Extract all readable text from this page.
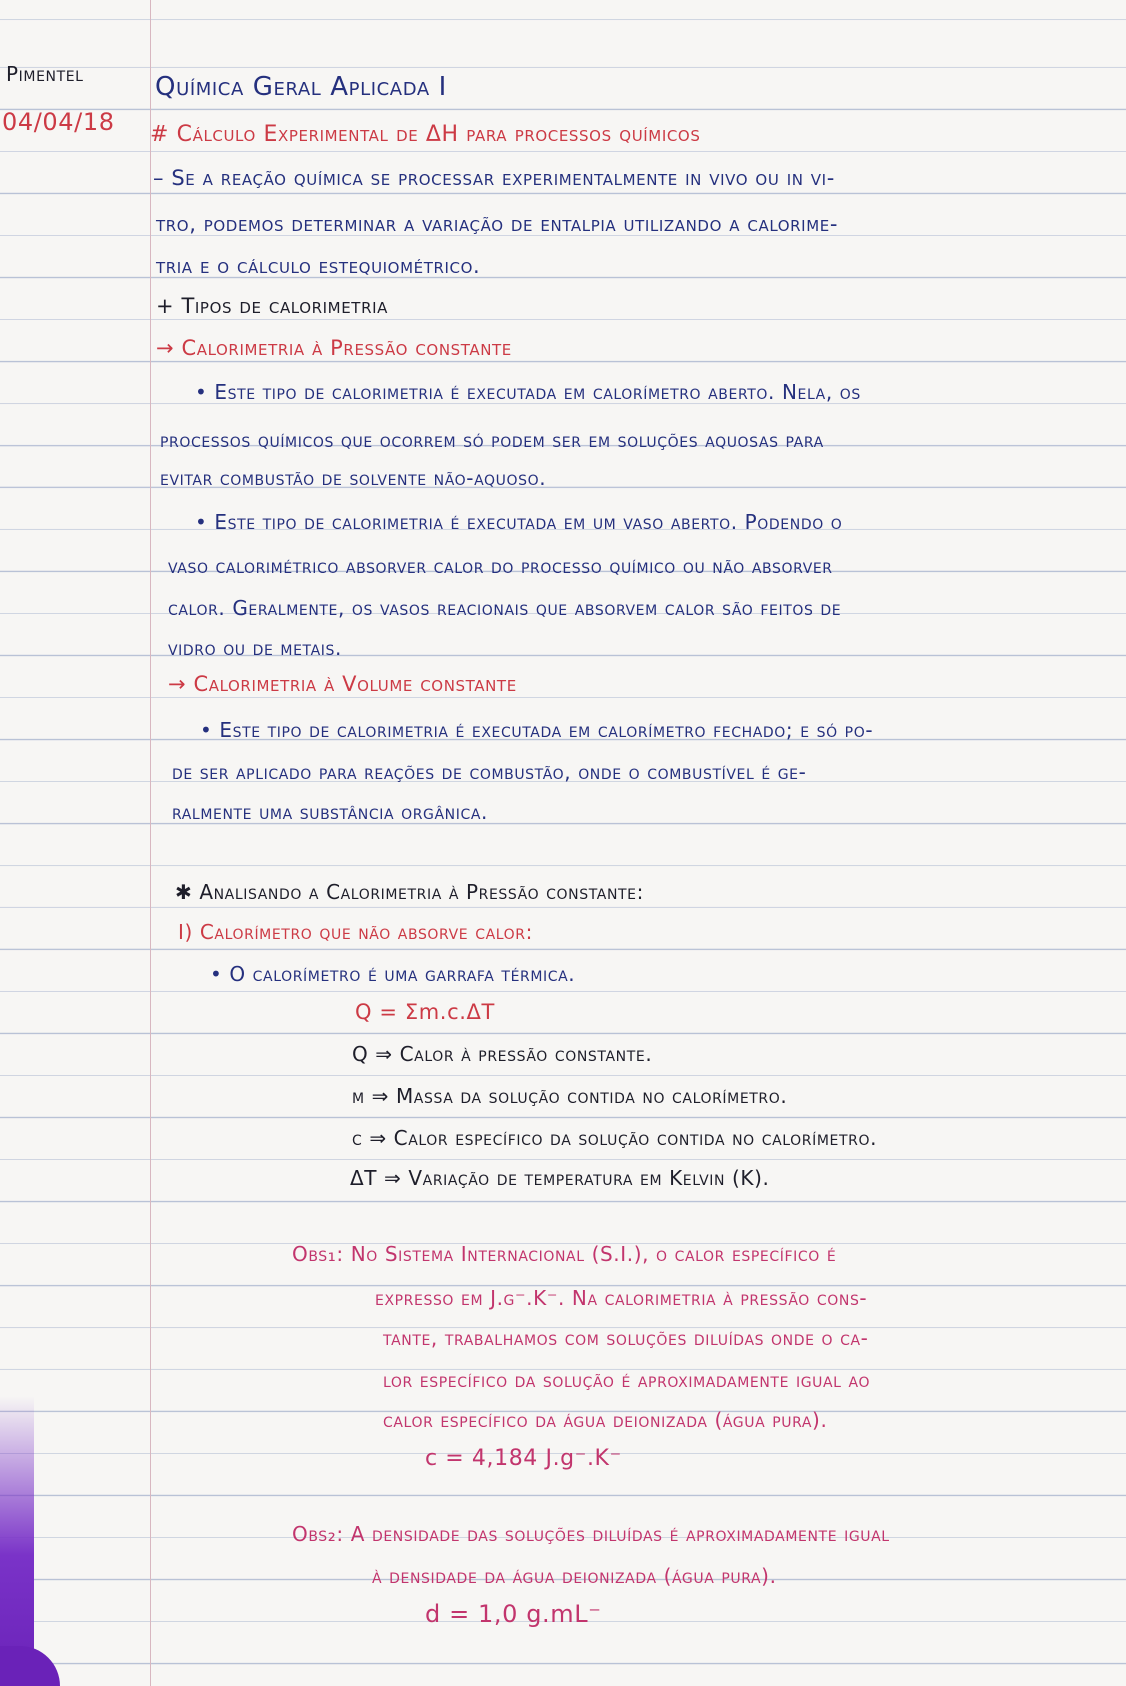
Pimentel
04/04/18
Química Geral Aplicada I
# Cálculo Experimental de ΔH para processos químicos
– Se a reação química se processar experimentalmente in vivo ou in vi-
tro, podemos determinar a variação de entalpia utilizando a calorime-
tria e o cálculo estequiométrico.
+ Tipos de calorimetria
→ Calorimetria à Pressão constante
• Este tipo de calorimetria é executada em calorímetro aberto. Nela, os
processos químicos que ocorrem só podem ser em soluções aquosas para
evitar combustão de solvente não-aquoso.
• Este tipo de calorimetria é executada em um vaso aberto. Podendo o
vaso calorimétrico absorver calor do processo químico ou não absorver
calor. Geralmente, os vasos reacionais que absorvem calor são feitos de
vidro ou de metais.
→ Calorimetria à Volume constante
• Este tipo de calorimetria é executada em calorímetro fechado; e só po-
de ser aplicado para reações de combustão, onde o combustível é ge-
ralmente uma substância orgânica.
✱ Analisando a Calorimetria à Pressão constante:
I) Calorímetro que não absorve calor:
• O calorímetro é uma garrafa térmica.
Q = Σm.c.ΔT
Q ⇒ Calor à pressão constante.
m ⇒ Massa da solução contida no calorímetro.
c ⇒ Calor específico da solução contida no calorímetro.
ΔT ⇒ Variação de temperatura em Kelvin (K).
Obs₁: No Sistema Internacional (S.I.), o calor específico é
expresso em J.g⁻.K⁻. Na calorimetria à pressão cons-
tante, trabalhamos com soluções diluídas onde o ca-
lor específico da solução é aproximadamente igual ao
calor específico da água deionizada (água pura).
c = 4,184 J.g⁻.K⁻
Obs₂: A densidade das soluções diluídas é aproximadamente igual
à densidade da água deionizada (água pura).
d = 1,0 g.mL⁻
